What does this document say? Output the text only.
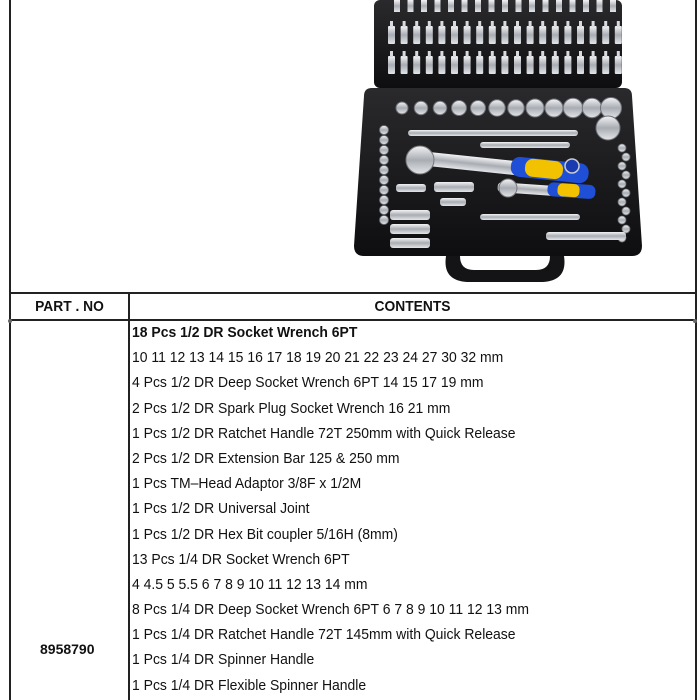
PART . NO	CONTENTS
8958790
18 Pcs 1/2 DR Socket Wrench 6PT
10 11 12 13 14 15 16 17 18 19 20 21 22 23 24 27 30 32 mm
4 Pcs 1/2 DR Deep Socket Wrench 6PT 14 15 17 19 mm
2 Pcs 1/2 DR Spark Plug Socket Wrench 16 21 mm
1 Pcs 1/2 DR Ratchet Handle 72T 250mm with Quick Release
2 Pcs 1/2 DR Extension Bar 125 & 250 mm
1 Pcs TM–Head Adaptor 3/8F x 1/2M
1 Pcs 1/2 DR Universal Joint
1 Pcs 1/2 DR Hex Bit coupler 5/16H (8mm)
13 Pcs 1/4 DR Socket Wrench 6PT
4 4.5 5 5.5 6 7 8 9 10 11 12 13 14 mm
8 Pcs 1/4 DR Deep Socket Wrench 6PT 6 7 8 9 10 11 12 13 mm
1 Pcs 1/4 DR Ratchet Handle 72T 145mm with Quick Release
1 Pcs 1/4 DR Spinner Handle
1 Pcs 1/4 DR Flexible Spinner Handle
